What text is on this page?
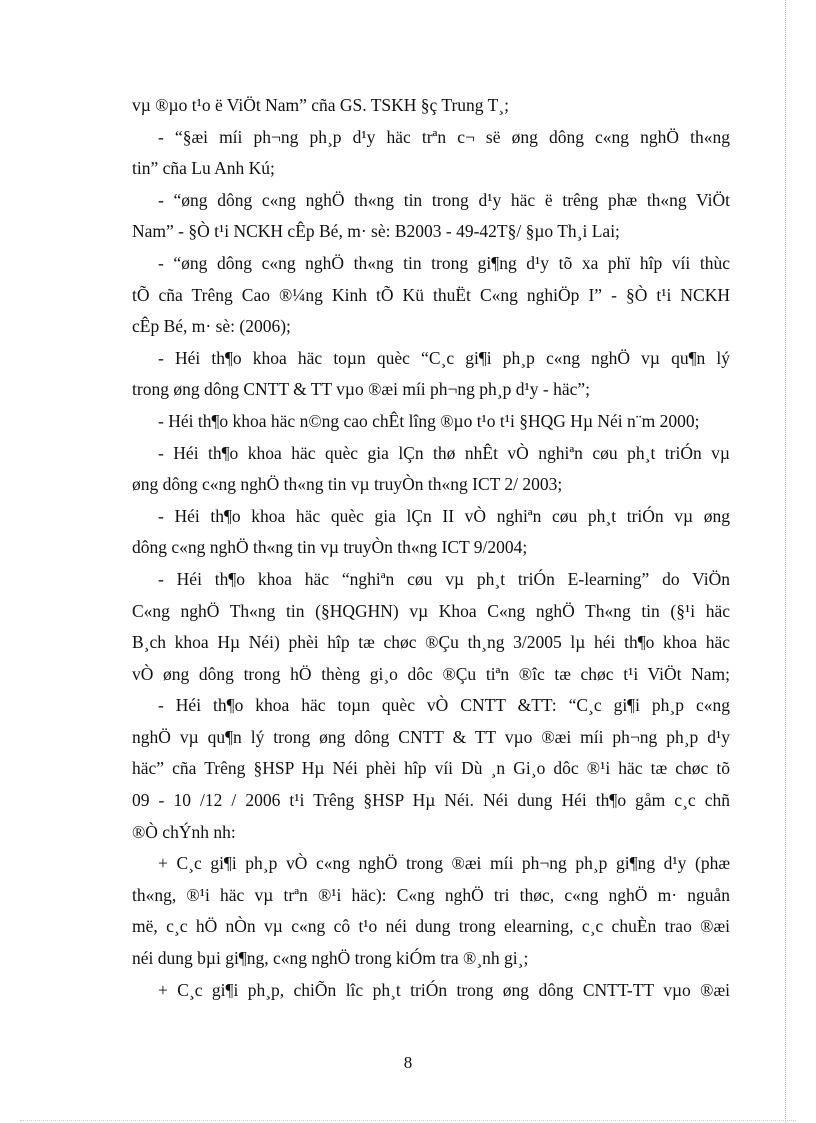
vµ ®µo t¹o ë ViÖt Nam” cña GS. TSKH §ç Trung T¸;
- “§æi míi ph¬ng ph¸p d¹y häc trªn c¬ së øng dông c«ng nghÖ th«ng
tin” cña Lu Anh Kú;
- “øng dông c«ng nghÖ th«ng tin trong d¹y häc ë trêng phæ th«ng ViÖt
Nam” - §Ò t¹i NCKH cÊp Bé, m· sè: B2003 - 49-42T§/ §µo Th¸i Lai;
- “øng dông c«ng nghÖ th«ng tin trong gi¶ng d¹y tõ xa phï hîp víi thùc
tÕ cña Trêng Cao ®¼ng Kinh tÕ Kü thuËt C«ng nghiÖp I” - §Ò t¹i NCKH
cÊp Bé, m· sè: (2006);
- Héi th¶o khoa häc toµn quèc “C¸c gi¶i ph¸p c«ng nghÖ vµ qu¶n lý
trong øng dông CNTT & TT vµo ®æi míi ph¬ng ph¸p d¹y - häc”;
- Héi th¶o khoa häc n©ng cao chÊt lîng ®µo t¹o t¹i §HQG Hµ Néi n¨m 2000;
- Héi th¶o khoa häc quèc gia lÇn thø nhÊt vÒ nghiªn cøu ph¸t triÓn vµ
øng dông c«ng nghÖ th«ng tin vµ truyÒn th«ng ICT 2/ 2003;
- Héi th¶o khoa häc quèc gia lÇn II vÒ nghiªn cøu ph¸t triÓn vµ øng
dông c«ng nghÖ th«ng tin vµ truyÒn th«ng ICT 9/2004;
- Héi th¶o khoa häc “nghiªn cøu vµ ph¸t triÓn E-learning” do ViÖn
C«ng nghÖ Th«ng tin (§HQGHN) vµ Khoa C«ng nghÖ Th«ng tin (§¹i häc
B¸ch khoa Hµ Néi) phèi hîp tæ chøc ®Çu th¸ng 3/2005 lµ héi th¶o khoa häc
vÒ øng dông trong hÖ thèng gi¸o dôc ®Çu tiªn ®îc tæ chøc t¹i ViÖt Nam;
- Héi th¶o khoa häc toµn quèc vÒ CNTT &TT: “C¸c gi¶i ph¸p c«ng
nghÖ vµ qu¶n lý trong øng dông CNTT & TT vµo ®æi míi ph¬ng ph¸p d¹y
häc” cña Trêng §HSP Hµ Néi phèi hîp víi Dù ¸n Gi¸o dôc ®¹i häc tæ chøc tõ
09 - 10 /12 / 2006 t¹i Trêng §HSP Hµ Néi. Néi dung Héi th¶o gåm c¸c chñ
®Ò chÝnh nh:
+ C¸c gi¶i ph¸p vÒ c«ng nghÖ trong ®æi míi ph¬ng ph¸p gi¶ng d¹y (phæ
th«ng, ®¹i häc vµ trªn ®¹i häc): C«ng nghÖ tri thøc, c«ng nghÖ m· nguån
më, c¸c hÖ nÒn vµ c«ng cô t¹o néi dung trong elearning, c¸c chuÈn trao ®æi
néi dung bµi gi¶ng, c«ng nghÖ trong kiÓm tra ®¸nh gi¸;
+ C¸c gi¶i ph¸p, chiÕn lîc ph¸t triÓn trong øng dông CNTT-TT vµo ®æi
8
